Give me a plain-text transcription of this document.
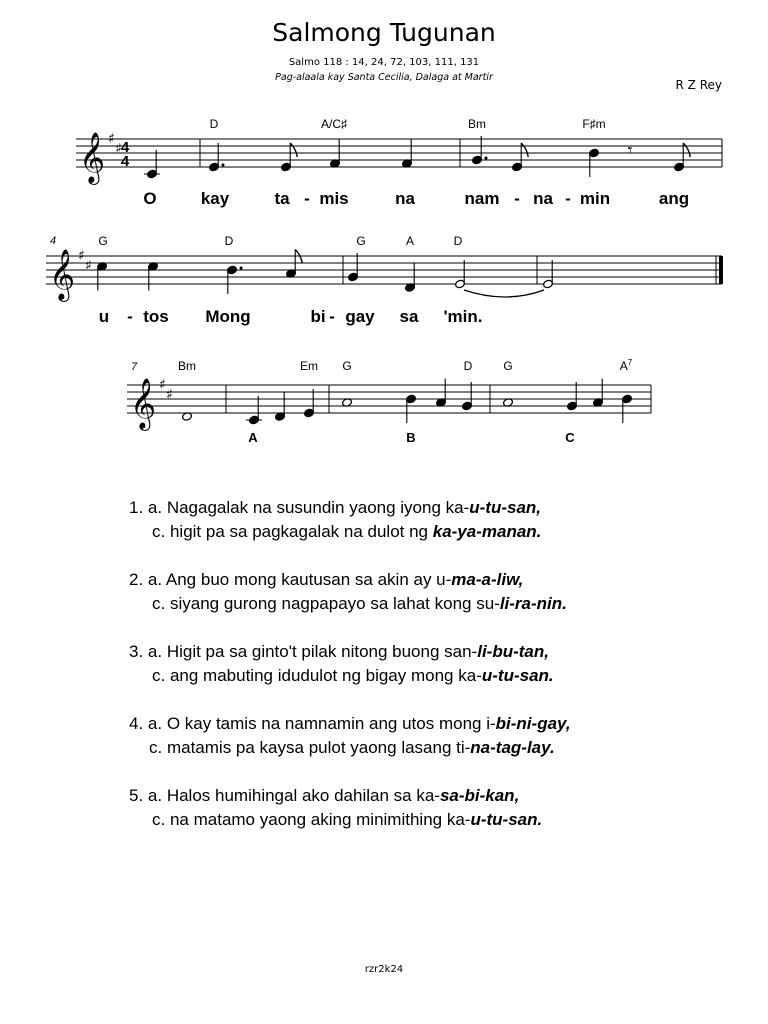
Salmong Tugunan
Salmo 118 : 14, 24, 72, 103, 111, 131
Pag-alaala kay Santa Cecilia, Dalaga at Martir
R Z Rey
𝄞 ♯
♯ 4
4
D	A/C♯	Bm	F♯m
𝄾
O	kay	ta - mis	na	nam - na - min	ang
𝄞 ♯
♯
4	G	D	G	A	D
u - tos Mong	bi - gay sa 'min.
𝄞 ♯
♯
7	Bm	Em G	D	G	$A^7$
A	B	C
1. a. Nagagalak na susundin yaong iyong ka-u-tu-san,
c. higit pa sa pagkagalak na dulot ng ka-ya-manan.
2. a. Ang buo mong kautusan sa akin ay u-ma-a-liw,
c. siyang gurong nagpapayo sa lahat kong su-li-ra-nin.
3. a. Higit pa sa ginto't pilak nitong buong san-li-bu-tan,
c. ang mabuting idudulot ng bigay mong ka-u-tu-san.
4. a. O kay tamis na namnamin ang utos mong i-bi-ni-gay,
c. matamis pa kaysa pulot yaong lasang ti-na-tag-lay.
5. a. Halos humihingal ako dahilan sa ka-sa-bi-kan,
c. na matamo yaong aking minimithing ka-u-tu-san.
rzr2k24
